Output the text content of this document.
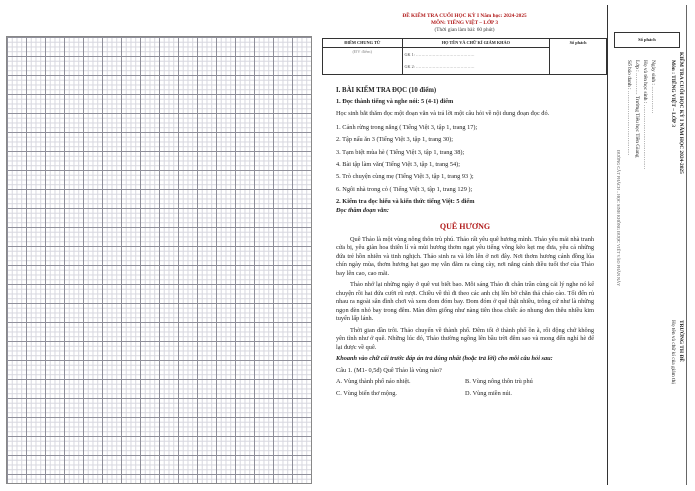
ĐỀ KIỂM TRA CUỐI HỌC KỲ I Năm học: 2024-2025
MÔN: TIẾNG VIỆT – LỚP 3
(Thời gian làm bài: 60 phút)
ĐIỂM CHUNG TỪ	HỌ TÊN VÀ CHỮ KÍ GIÁM KHẢO	Số phách
(ĐV điểm)	GK 1: ……………………………………
GK 2: ……………………………………	
I. BÀI KIỂM TRA ĐỌC (10 điểm)
1. Đọc thành tiếng và nghe nói: 5 (4-1) điểm
Học sinh bắt thăm đọc một đoạn văn và trả lời một câu hỏi về nội dung đoạn đọc đó.
1. Cảnh rừng trong nắng ( Tiếng Việt 3, tập 1, trang 17);
2. Tập nấu ăn 3 (Tiếng Việt 3, tập 1, trang 30);
3. Tạm biệt mùa hè ( Tiếng Việt 3, tập 1, trang 38);
4. Bài tập làm văn( Tiếng Việt 3, tập 1, trang 54);
5. Trò chuyện cùng mẹ (Tiếng Việt 3, tập 1, trang 93 );
6. Ngôi nhà trong cỏ ( Tiếng Việt 3, tập 1, trang 129 );
2. Kiểm tra đọc hiểu và kiến thức tiếng Việt: 5 điểm
Đọc thầm đoạn văn:
QUÊ HƯƠNG
Quê Thảo là một vùng nông thôn trù phú. Thảo rất yêu quê hương mình. Thảo yêu mái nhà tranh cửa bị, yêu giàn hoa thiên lí và mùi hương thơm ngạt yêu tiếng võng kẽo kẹt mẹ đưa, yêu cả những đứa trẻ hồn nhiên và tinh nghịch. Thảo sinh ra và lớn lên ở nơi đây. Nơi thơm hương cánh đồng lúa chín ngày mùa, thơm hương hạt gạo mẹ vẫn đãm ra cùng cày, nơi nắng cánh diều tuổi thơ của Thảo bay lên cao, cao mãi.
Thảo nhớ lại những ngày ở quê vui biết bao. Mỗi sáng Thảo đi chân trần cùng cái lý nghe nó kể chuyện rồi hai đứa cười rũ rượi. Chiều về thì đi theo các anh chị lên bờ chăn thả cháo cào. Tối đến rủ nhau ra ngoài sân đình chơi và xem đom đóm bay. Đom đóm ở quê thật nhiều, trông cứ như là những ngọn đèn nhỏ bay trong đêm. Màn đêm giống như nàng tiên thoa chiếc áo nhung đen thêu nhiều kim tuyến lấp lánh.
Thời gian dần trôi. Thảo chuyển về thành phố. Đêm tối ở thành phố ồn ã, rối động chứ không yên tĩnh như ở quê. Những lúc đó, Thảo thường ngồng lên bầu trời đêm sao và mong đến nghỉ hè để lại được về quê.
Khoanh vào chữ cái trước đáp án trả đúng nhất (hoặc trả lời) cho mỗi câu hỏi sau:
Câu 1. (M1- 0,5đ) Quê Thảo là vùng nào?
A. Vùng thành phố náo nhiệt.	B. Vùng nông thôn trù phú
C. Vùng biển thơ mộng.	D. Vùng miền núi.
Số phách
KIỂM TRA CUỐI HỌC KỲ I NĂM HỌC 2024-2025
Môn : TIẾNG VIỆT – LỚP 3
Họ và tên học sinh : ………………………………
Lớp : ………… Trường Tiểu học Tiền Giang
Số báo danh : ………………………………	Ngày sinh : ……………
ĐƯỜNG CẮT PHÁCH – HỌC SINH KHÔNG ĐƯỢC VIẾT VÀO PHẦN NÀY
TRƯỜNG TH ĐỀ
Họ tên và chữ kí của giám thị
